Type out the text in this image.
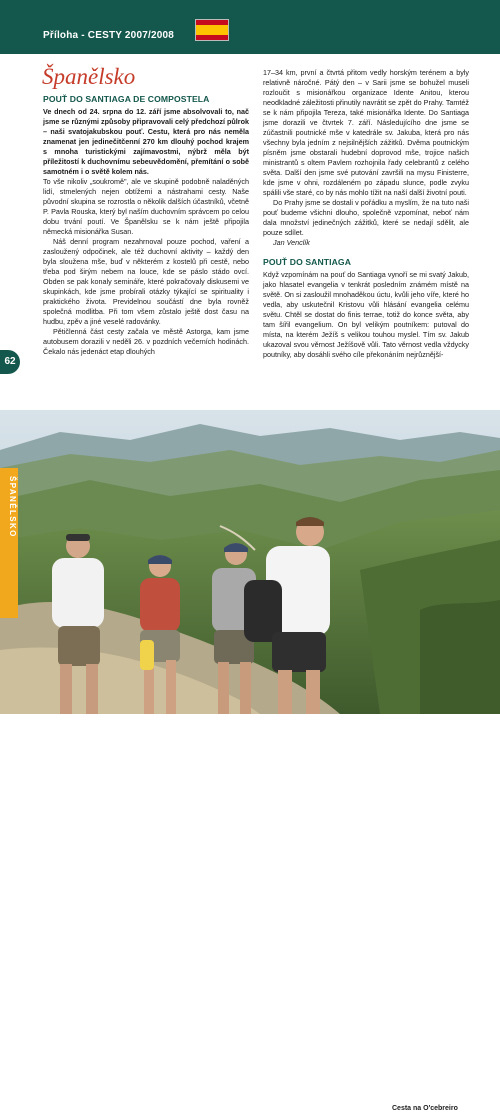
Příloha - CESTY 2007/2008
Španělsko
POUŤ DO SANTIAGA DE COMPOSTELA

Ve dnech od 24. srpna do 12. září jsme absolvovali to, nač jsme se různými způsoby připravovali celý předchozí půlrok – naši svatojakubskou pouť. Cestu, která pro nás neměla znamenat jen jedinečitčenní 270 km dlouhý pochod krajem s mnoha turistickými zajímavostmi, nýbrž měla být příležitostí k duchovnímu sebeuvědomění, přemítání o sobě samotném i o světě kolem nás.

To vše nikoliv „soukromě", ale ve skupině podobně naladěných lidí, stmelených nejen obtížemi a nástrahami cesty. Naše původní skupina se rozrostla o několik dalších účastníků, včetně P. Pavla Rouska, který byl naším duchovním správcem po celou dobu trvání poutí. Ve Španělsku se k nám ještě připojila německá misionářka Susan.

Náš denní program nezahrnoval pouze pochod, vaření a zasloužený odpočinek, ale též duchovní aktivity – každý den byla sloužena mše, buď v některém z kostelů při cestě, nebo třeba pod širým nebem na louce, kde se páslo stádo ovcí. Obden se pak konaly semináře, které pokračovaly diskusemi ve skupinkách, kde jsme probírali otázky týkající se spirituality i praktického života. Previdelnou součástí dne byla rovněž společná modlitba. Při tom všem zůstalo ještě dost času na hudbu, zpěv a jiné veselé radovánky.

Pětičlenná část cesty začala ve městě Astorga, kam jsme autobusem dorazili v neděli 26. v pozdních večerních hodinách. Čekalo nás jedenáct etap dlouhých

17–34 km, první a čtvrtá přitom vedly horským terénem a byly relativně náročné. Pátý den – v Sarii jsme se bohužel museli rozloučit s misionářkou organizace Idente Anitou, kterou neodkladné záležitosti přinutily navrátit se zpět do Prahy. Tamtéž se k nám připojila Tereza, také misionářka Idente. Do Santiaga jsme dorazili ve čtvrtek 7. září. Následujícího dne jsme se zúčastnili poutnické mše v katedrále sv. Jakuba, která pro nás všechny byla jedním z nejsilnějších zážitků. Dvěma poutnickým písněm jsme obstarali hudební doprovod mše, trojice našich ministrantů s oltem Pavlem rozhojnila řady celebrantů z celého světa. Další den jsme své putování završili na mysu Finisterre, kde jsme v ohni, rozdáleném po západu slunce, podle zvyku spálili vše staré, co by nás mohlo tížit na naší další životní pouti.

Do Prahy jsme se dostali v pořádku a myslím, že na tuto naši pouť budeme všichni dlouho, společně vzpomínat, neboť nám dala množství jedinečných zážitků, které se nedají sdělit, ale pouze sdílet.

Jan Venclík

POUŤ DO SANTIAGA

Když vzpomínám na pouť do Santiaga vynoří se mi svatý Jakub, jako hlasatel evangelia v tenkrát posledním známém místě na světě. On si zasloužil mnohaděkou úctu, kvůli jeho víře, které ho vedla, aby uskutečnil Kristovu vůli hlásání evangelia celému světu. Chtěl se dostat do finis terrae, totiž do konce světa, aby tam šířil evangelium. On byl velikým poutníkem: putoval do místa, na kterém Ježíš s velikou touhou myslel. Tím sv. Jakub ukazoval svou věrnost Ježíšově vůli. Tato věrnost vedla vždycky poutníky, aby dosáhli svého cíle překonáním nejrůznější-

62
Cesta na O'cebreiro
ŠPANĚLSKO
